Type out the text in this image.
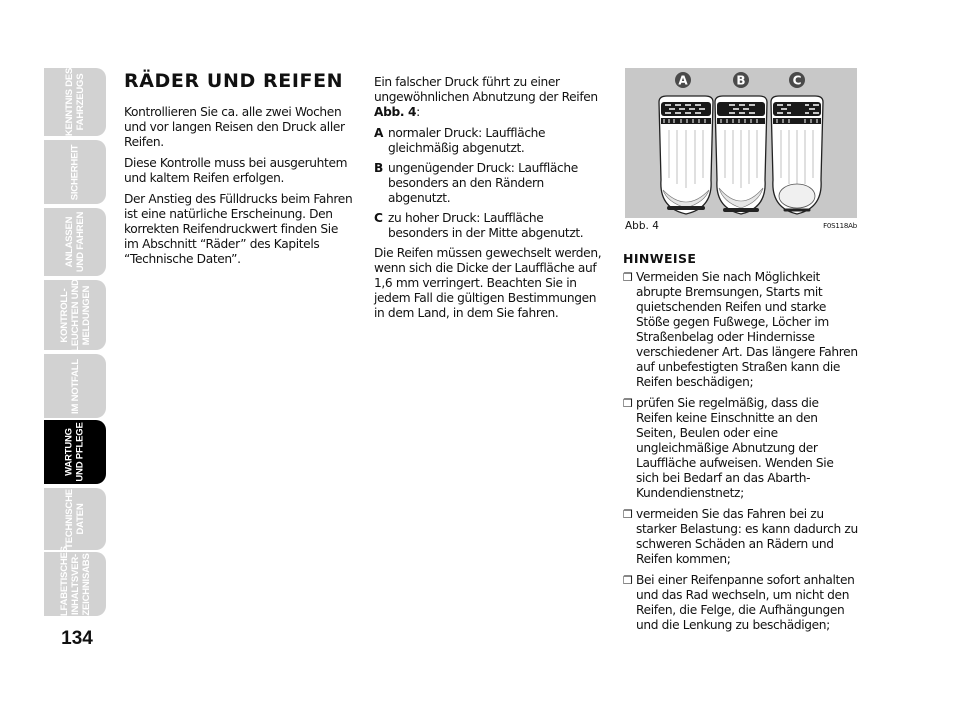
KENNTNIS DES
FAHRZEUGS
SICHERHEIT
ANLASSEN
UND FAHREN
KONTROLL-
LEUCHTEN UND
MELDUNGEN
IM NOTFALL
WARTUNG
UND PFLEGE
TECHNISCHE
DATEN
ALFABETISCHES
INHALTSVER-
ZEICHNISABS
134
RÄDER UND REIFEN

Kontrollieren Sie ca. alle zwei Wochen und vor langen Reisen den Druck aller Reifen.

Diese Kontrolle muss bei ausgeruhtem und kaltem Reifen erfolgen.

Der Anstieg des Fülldrucks beim Fahren ist eine natürliche Erscheinung. Den korrekten Reifendruckwert finden Sie im Abschnitt “Räder” des Kapitels “Technische Daten”.

Ein falscher Druck führt zu einer ungewöhnlichen Abnutzung der Reifen Abb. 4:

A normaler Druck: Lauffläche gleichmäßig abgenutzt.
B ungenügender Druck: Lauffläche besonders an den Rändern abgenutzt.
C zu hoher Druck: Lauffläche besonders in der Mitte abgenutzt.

Die Reifen müssen gewechselt werden, wenn sich die Dicke der Lauffläche auf 1,6 mm verringert. Beachten Sie in jedem Fall die gültigen Bestimmungen in dem Land, in dem Sie fahren.

A	B	C
Abb. 4	F0S118Ab
HINWEISE
❒ Vermeiden Sie nach Möglichkeit abrupte Bremsungen, Starts mit quietschenden Reifen und starke Stöße gegen Fußwege, Löcher im Straßenbelag oder Hindernisse verschiedener Art. Das längere Fahren auf unbefestigten Straßen kann die Reifen beschädigen;
❒ prüfen Sie regelmäßig, dass die Reifen keine Einschnitte an den Seiten, Beulen oder eine ungleichmäßige Abnutzung der Lauffläche aufweisen. Wenden Sie sich bei Bedarf an das Abarth-Kundendienstnetz;
❒ vermeiden Sie das Fahren bei zu starker Belastung: es kann dadurch zu schweren Schäden an Rädern und Reifen kommen;
❒ Bei einer Reifenpanne sofort anhalten und das Rad wechseln, um nicht den Reifen, die Felge, die Aufhängungen und die Lenkung zu beschädigen;
